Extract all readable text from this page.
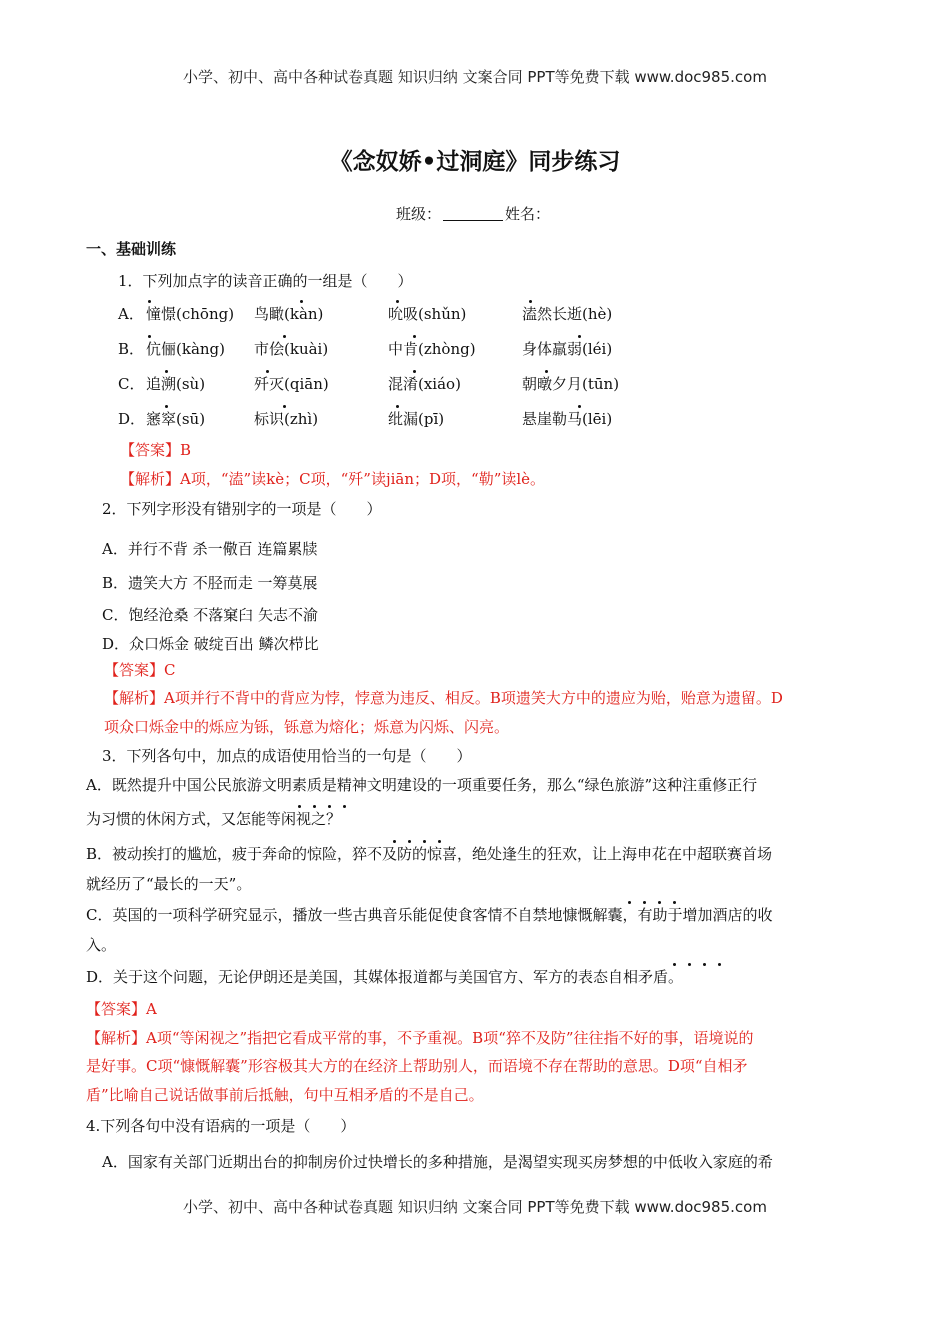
小学、初中、高中各种试卷真题 知识归纳 文案合同 PPT等免费下载 www.doc985.com
《念奴娇•过洞庭》同步练习
班级：	姓名：
一、基础训练
1．下列加点字的读音正确的一组是（　　）
A． 憧憬(chōng) 鸟瞰(kàn)	吮吸(shǔn)	溘然长逝(hè)
B． 伉俪(kàng) 市侩(kuài)	中肯(zhòng)	身体羸弱(léi)
C． 追溯(sù)	歼灭(qiān)	混淆(xiáo)	朝暾夕月(tūn)
D． 窸窣(sū)	标识(zhì)	纰漏(pī)	悬崖勒马(lēi)
【答案】B
【解析】A项，“溘”读kè；C项，“歼”读jiān；D项，“勒”读lè。
2．下列字形没有错别字的一项是（　　）
A．并行不背 杀一儆百 连篇累牍
B．遗笑大方 不胫而走 一筹莫展
C．饱经沧桑 不落窠臼 矢志不渝
D．众口烁金 破绽百出 鳞次栉比
【答案】C
【解析】A项并行不背中的背应为悖，悖意为违反、相反。B项遗笑大方中的遗应为贻，贻意为遗留。D
项众口烁金中的烁应为铄，铄意为熔化；烁意为闪烁、闪亮。
3．下列各句中，加点的成语使用恰当的一句是（　　）
A．既然提升中国公民旅游文明素质是精神文明建设的一项重要任务，那么“绿色旅游”这种注重修正行
为习惯的休闲方式，又怎能等闲视之？
B．被动挨打的尴尬，疲于奔命的惊险，猝不及防的惊喜，绝处逢生的狂欢，让上海申花在中超联赛首场
就经历了“最长的一天”。
C．英国的一项科学研究显示，播放一些古典音乐能促使食客情不自禁地慷慨解囊，有助于增加酒店的收
入。
D．关于这个问题，无论伊朗还是美国，其媒体报道都与美国官方、军方的表态自相矛盾。
【答案】A
【解析】A项“等闲视之”指把它看成平常的事，不予重视。B项“猝不及防”往往指不好的事，语境说的
是好事。C项“慷慨解囊”形容极其大方的在经济上帮助别人，而语境不存在帮助的意思。D项“自相矛
盾”比喻自己说话做事前后抵触，句中互相矛盾的不是自己。
4.下列各句中没有语病的一项是（　　）
A．国家有关部门近期出台的抑制房价过快增长的多种措施，是渴望实现买房梦想的中低收入家庭的希
小学、初中、高中各种试卷真题 知识归纳 文案合同 PPT等免费下载 www.doc985.com
